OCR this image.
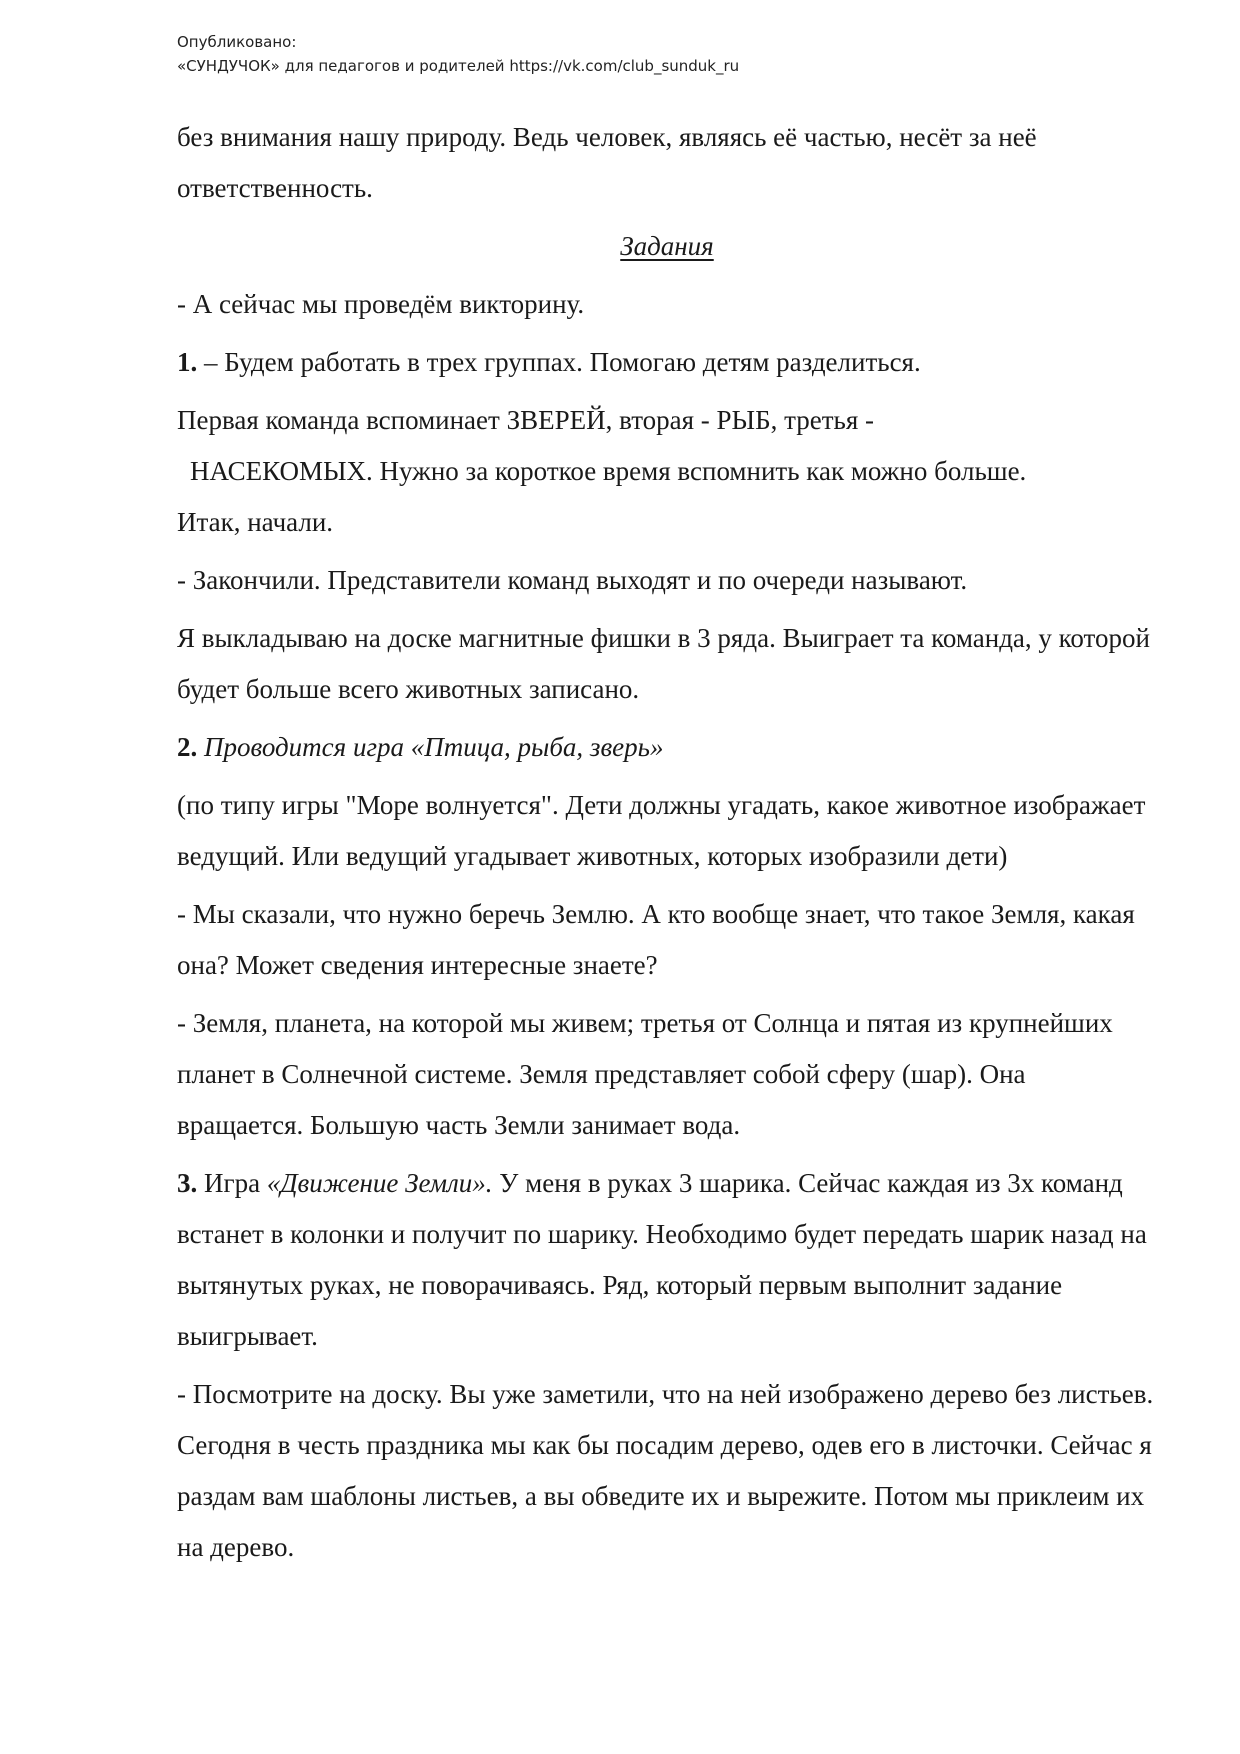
Опубликовано:
«СУНДУЧОК» для педагогов и родителей https://vk.com/club_sunduk_ru

без внимания нашу природу. Ведь человек, являясь её частью, несёт за неё ответственность.

Задания

- А сейчас мы проведём викторину.

1. – Будем работать в трех группах. Помогаю детям разделиться.

Первая команда вспоминает ЗВЕРЕЙ, вторая - РЫБ, третья -
НАСЕКОМЫХ. Нужно за короткое время вспомнить как можно больше.
Итак, начали.

- Закончили. Представители команд выходят и по очереди называют.

Я выкладываю на доске магнитные фишки в 3 ряда. Выиграет та команда, у которой будет больше всего животных записано.

2. Проводится игра «Птица, рыба, зверь»

(по типу игры "Море волнуется". Дети должны угадать, какое животное изображает ведущий. Или ведущий угадывает животных, которых изобразили дети)

- Мы сказали, что нужно беречь Землю. А кто вообще знает, что такое Земля, какая она? Может сведения интересные знаете?

- Земля, планета, на которой мы живем; третья от Солнца и пятая из крупнейших планет в Солнечной системе. Земля представляет собой сферу (шар). Она вращается. Большую часть Земли занимает вода.

3. Игра «Движение Земли». У меня в руках 3 шарика. Сейчас каждая из 3х команд встанет в колонки и получит по шарику. Необходимо будет передать шарик назад на вытянутых руках, не поворачиваясь. Ряд, который первым выполнит задание выигрывает.

- Посмотрите на доску. Вы уже заметили, что на ней изображено дерево без листьев. Сегодня в честь праздника мы как бы посадим дерево, одев его в листочки. Сейчас я раздам вам шаблоны листьев, а вы обведите их и вырежите. Потом мы приклеим их на дерево.
